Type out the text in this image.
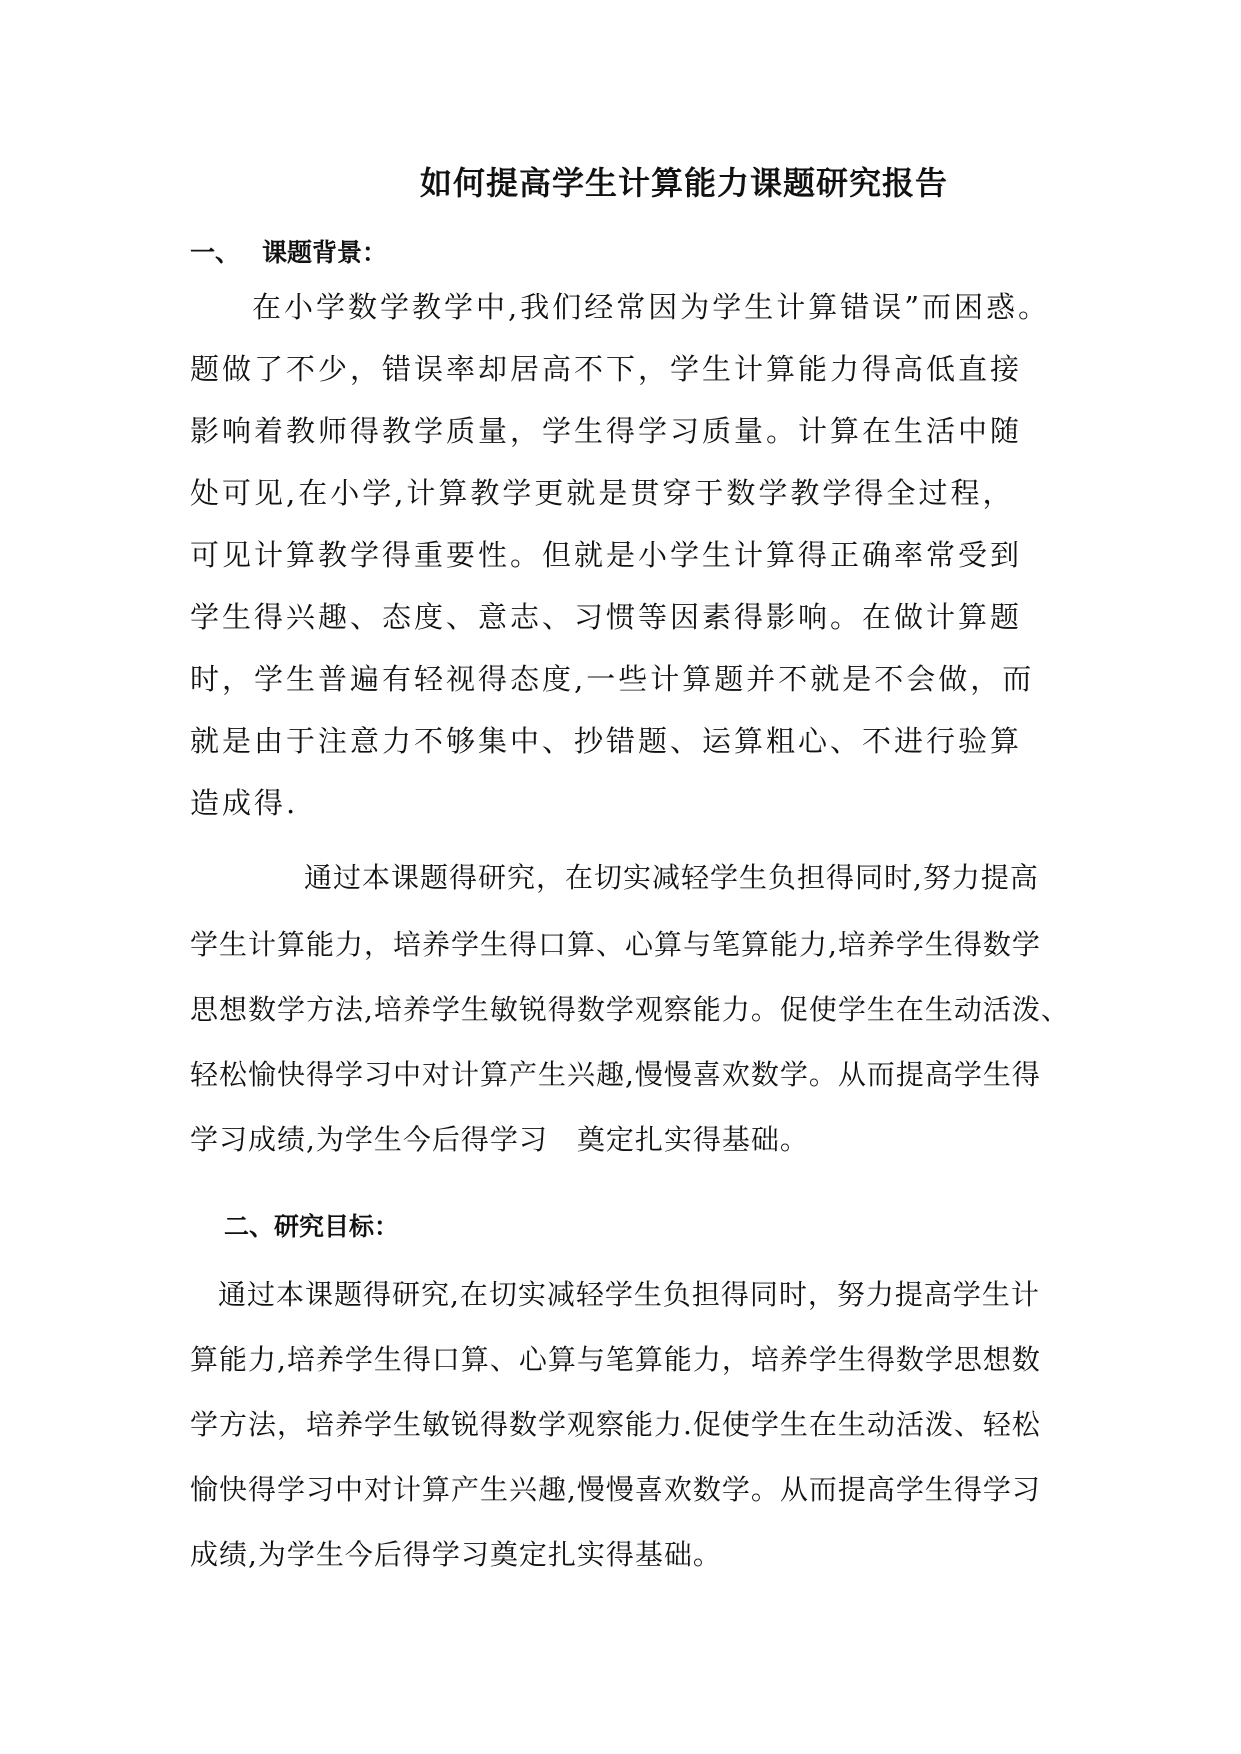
如何提高学生计算能力课题研究报告
一、 课题背景：
在小学数学教学中,我们经常因为学生计算错误”而困惑。
题做了不少，错误率却居高不下，学生计算能力得高低直接
影响着教师得教学质量，学生得学习质量。计算在生活中随
处可见,在小学,计算教学更就是贯穿于数学教学得全过程，
可见计算教学得重要性。但就是小学生计算得正确率常受到
学生得兴趣、态度、意志、习惯等因素得影响。在做计算题
时，学生普遍有轻视得态度,一些计算题并不就是不会做，而
就是由于注意力不够集中、抄错题、运算粗心、不进行验算
造成得.
通过本课题得研究，在切实减轻学生负担得同时,努力提高
学生计算能力，培养学生得口算、心算与笔算能力,培养学生得数学
思想数学方法,培养学生敏锐得数学观察能力。促使学生在生动活泼、
轻松愉快得学习中对计算产生兴趣,慢慢喜欢数学。从而提高学生得
学习成绩,为学生今后得学习　奠定扎实得基础。
二、研究目标：
通过本课题得研究,在切实减轻学生负担得同时，努力提高学生计
算能力,培养学生得口算、心算与笔算能力，培养学生得数学思想数
学方法，培养学生敏锐得数学观察能力.促使学生在生动活泼、轻松
愉快得学习中对计算产生兴趣,慢慢喜欢数学。从而提高学生得学习
成绩,为学生今后得学习奠定扎实得基础。
